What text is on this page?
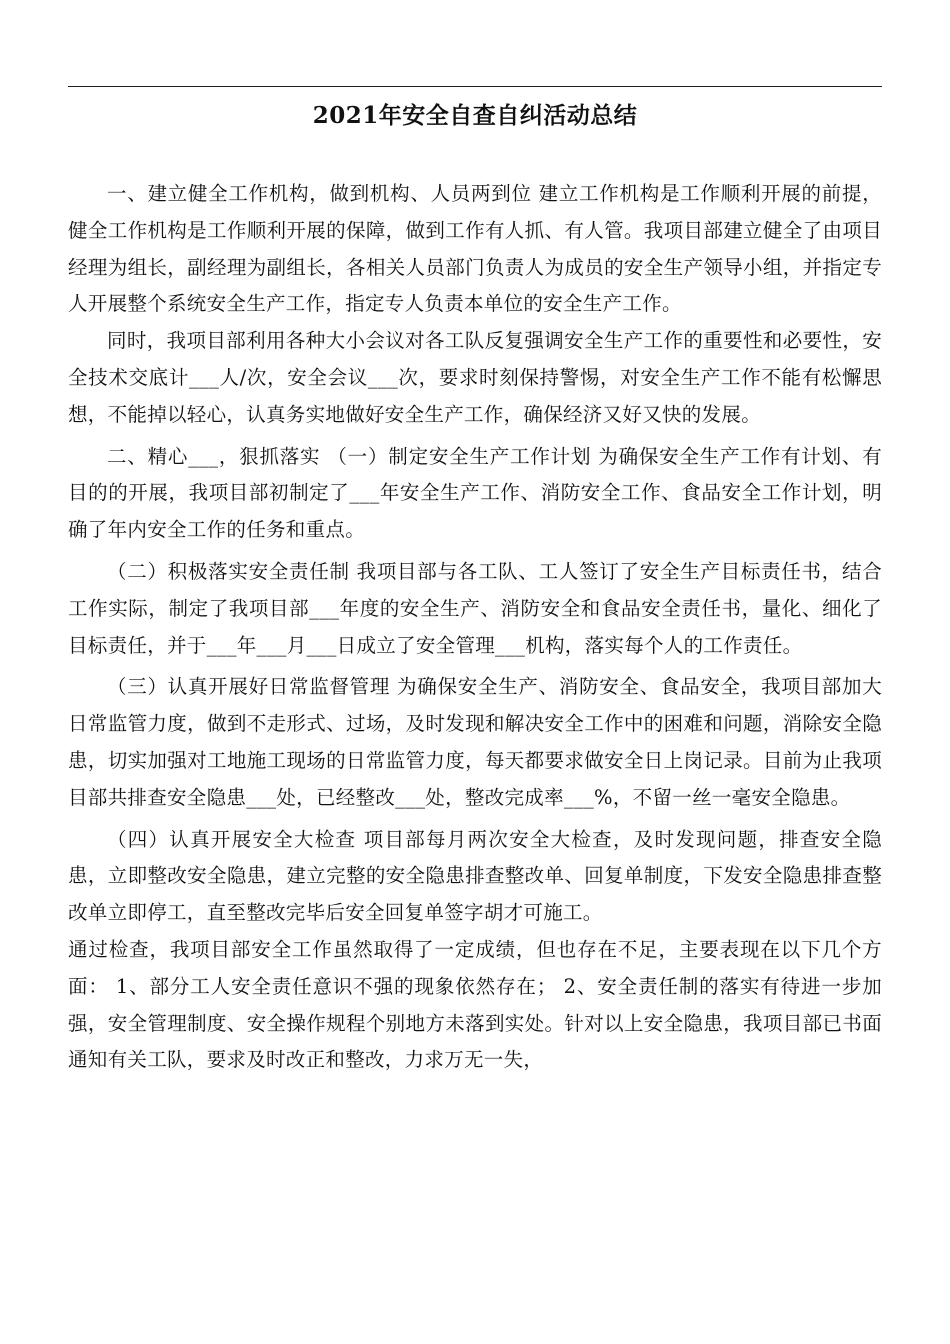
2021年安全自查自纠活动总结

一、建立健全工作机构，做到机构、人员两到位 建立工作机构是工作顺利开展的前提，健全工作机构是工作顺利开展的保障，做到工作有人抓、有人管。我项目部建立健全了由项目经理为组长，副经理为副组长，各相关人员部门负责人为成员的安全生产领导小组，并指定专人开展整个系统安全生产工作，指定专人负责本单位的安全生产工作。

同时，我项目部利用各种大小会议对各工队反复强调安全生产工作的重要性和必要性，安全技术交底计___人/次，安全会议___次，要求时刻保持警惕，对安全生产工作不能有松懈思想，不能掉以轻心，认真务实地做好安全生产工作，确保经济又好又快的发展。

二、精心___，狠抓落实 （一）制定安全生产工作计划 为确保安全生产工作有计划、有目的的开展，我项目部初制定了___年安全生产工作、消防安全工作、食品安全工作计划，明确了年内安全工作的任务和重点。

（二）积极落实安全责任制 我项目部与各工队、工人签订了安全生产目标责任书，结合工作实际，制定了我项目部___年度的安全生产、消防安全和食品安全责任书，量化、细化了目标责任，并于___年___月___日成立了安全管理___机构，落实每个人的工作责任。

（三）认真开展好日常监督管理 为确保安全生产、消防安全、食品安全，我项目部加大日常监管力度，做到不走形式、过场，及时发现和解决安全工作中的困难和问题，消除安全隐患，切实加强对工地施工现场的日常监管力度，每天都要求做安全日上岗记录。目前为止我项目部共排查安全隐患___处，已经整改___处，整改完成率___%，不留一丝一毫安全隐患。

（四）认真开展安全大检查 项目部每月两次安全大检查，及时发现问题，排查安全隐患，立即整改安全隐患，建立完整的安全隐患排查整改单、回复单制度，下发安全隐患排查整改单立即停工，直至整改完毕后安全回复单签字胡才可施工。

通过检查，我项目部安全工作虽然取得了一定成绩，但也存在不足，主要表现在以下几个方面： 1、部分工人安全责任意识不强的现象依然存在； 2、安全责任制的落实有待进一步加强，安全管理制度、安全操作规程个别地方未落到实处。针对以上安全隐患，我项目部已书面通知有关工队，要求及时改正和整改，力求万无一失，
